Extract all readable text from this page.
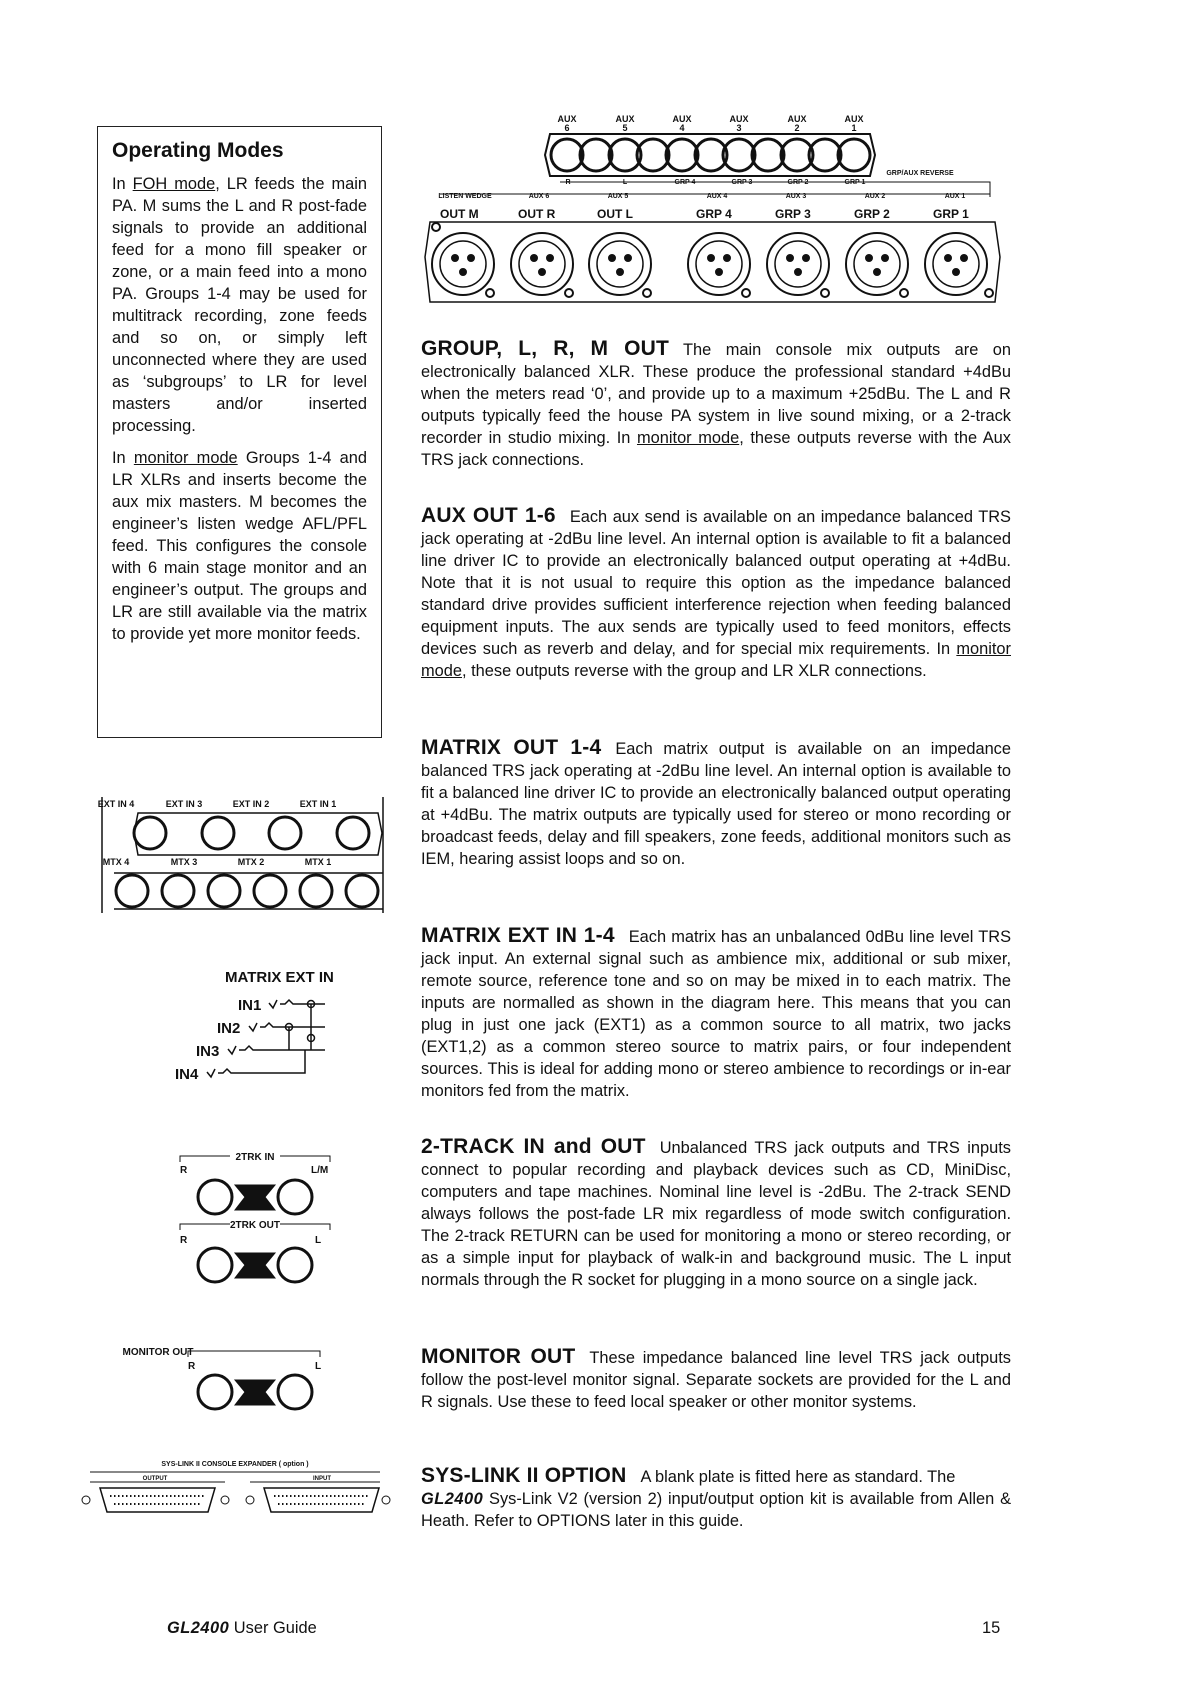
Operating Modes

In FOH mode, LR feeds the main PA. M sums the L and R post-fade signals to provide an additional feed for a mono fill speaker or zone, or a main feed into a mono PA. Groups 1-4 may be used for multitrack recording, zone feeds and so on, or simply left unconnected where they are used as ‘subgroups’ to LR for level masters and/or inserted processing.

In monitor mode Groups 1-4 and LR XLRs and inserts become the aux mix masters. M becomes the engineer’s listen wedge AFL/PFL feed. This configures the console with 6 main stage monitor and an engineer’s output. The groups and LR are still available via the matrix to provide yet more monitor feeds.

AUX 6
AUX 5
AUX 4
AUX 3
AUX 2
AUX 1
GRP/AUX REVERSE
R	L	GRP 4	GRP 3	GRP 2	GRP 1
LISTEN WEDGE	AUX 6	AUX 5	AUX 4	AUX 3	AUX 2	AUX 1
OUT M	OUT R	OUT L	GRP 4	GRP 3	GRP 2	GRP 1

GROUP, L, R, M OUT The main console mix outputs are on electronically balanced XLR. These produce the professional standard +4dBu when the meters read ‘0’, and provide up to a maximum +25dBu. The L and R outputs typically feed the house PA system in live sound mixing, or a 2-track recorder in studio mixing. In monitor mode, these outputs reverse with the Aux TRS jack connections.

AUX OUT 1-6 Each aux send is available on an impedance balanced TRS jack operating at -2dBu line level. An internal option is available to fit a balanced line driver IC to provide an electronically balanced output operating at +4dBu. Note that it is not usual to require this option as the impedance balanced standard drive provides sufficient interference rejection when feeding balanced equipment inputs. The aux sends are typically used to feed monitors, effects devices such as reverb and delay, and for special mix requirements. In monitor mode, these outputs reverse with the group and LR XLR connections.

MATRIX OUT 1-4 Each matrix output is available on an impedance balanced TRS jack operating at -2dBu line level. An internal option is available to fit a balanced line driver IC to provide an electronically balanced output operating at +4dBu. The matrix outputs are typically used for stereo or mono recording or broadcast feeds, delay and fill speakers, zone feeds, additional monitors such as IEM, hearing assist loops and so on.

MATRIX EXT IN 1-4 Each matrix has an unbalanced 0dBu line level TRS jack input. An external signal such as ambience mix, additional or sub mixer, remote source, reference tone and so on may be mixed in to each matrix. The inputs are normalled as shown in the diagram here. This means that you can plug in just one jack (EXT1) as a common source to all matrix, two jacks (EXT1,2) as a common stereo source to matrix pairs, or four independent sources. This is ideal for adding mono or stereo ambience to recordings or in-ear monitors fed from the matrix.

2-TRACK IN and OUT Unbalanced TRS jack outputs and TRS inputs connect to popular recording and playback devices such as CD, MiniDisc, computers and tape machines. Nominal line level is -2dBu. The 2-track SEND always follows the post-fade LR mix regardless of mode switch configuration. The 2-track RETURN can be used for monitoring a mono or stereo recording, or as a simple input for playback of walk-in and background music. The L input normals through the R socket for plugging in a mono source on a single jack.

MONITOR OUT These impedance balanced line level TRS jack outputs follow the post-level monitor signal. Separate sockets are provided for the L and R signals. Use these to feed local speaker or other monitor systems.

SYS-LINK II OPTION A blank plate is fitted here as standard. The
GL2400 Sys-Link V2 (version 2) input/output option kit is available from Allen & Heath. Refer to OPTIONS later in this guide.

EXT IN 4	EXT IN 3	EXT IN 2	EXT IN 1
MTX 4	MTX 3	MTX 2	MTX 1
MATRIX EXT IN
IN1
IN2
IN3
IN4
2TRK IN
R	L/M
2TRK OUT
R	L
MONITOR OUT
R	L
SYS-LINK II CONSOLE EXPANDER ( option )
OUTPUT	INPUT
GL2400 User Guide	15
